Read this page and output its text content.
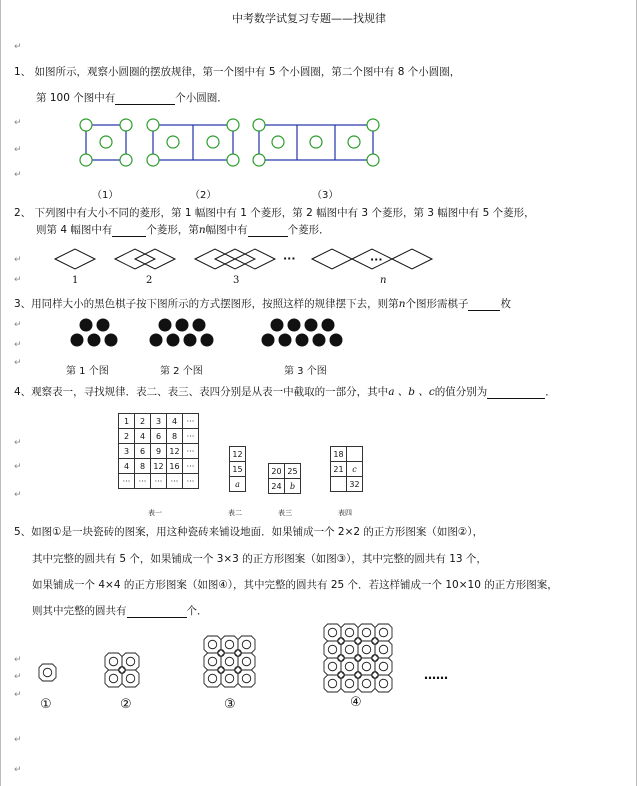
中考数学试复习专题——找规律
↵
↵
↵
↵
↵
↵
↵
↵
↵
↵
↵
↵
↵
↵
↵
↵
↵
1、 如图所示，观察小圆圈的摆放规律，第一个图中有 5 个小圆圈，第二个图中有 8 个小圆圈，
第 100 个图中有	个小圆圈．
（1）	（2）	（3）
2、 下列图中有大小不同的菱形，第 1 幅图中有 1 个菱形，第 2 幅图中有 3 个菱形，第 3 幅图中有 5 个菱形，
则第 4 幅图中有	个菱形，第n幅图中有	个菱形．
···	···
1	2	3	n
3、用同样大小的黑色棋子按下图所示的方式摆图形，按照这样的规律摆下去，则第n个图形需棋子	枚
第 1 个图	第 2 个图	第 3 个图
4、观察表一，寻找规律．表二、表三、表四分别是从表一中截取的一部分，其中a 、b 、c的值分别为	．
1	2	3	4	···
2	4	6	8	···
3	6	9	12	···
4	8	12	16	···
···	···	···	···	···
12
15
a
20	25
24	b
18	
21	c
	32
表一	表二	表三	表四
5、如图①是一块瓷砖的图案，用这种瓷砖来铺设地面．如果铺成一个 2×2 的正方形图案（如图②），
其中完整的圆共有 5 个，如果铺成一个 3×3 的正方形图案（如图③），其中完整的圆共有 13 个，
如果铺成一个 4×4 的正方形图案（如图④），其中完整的圆共有 25 个．若这样铺成一个 10×10 的正方形图案，
则其中完整的圆共有	个．
①	②	③	④
……
